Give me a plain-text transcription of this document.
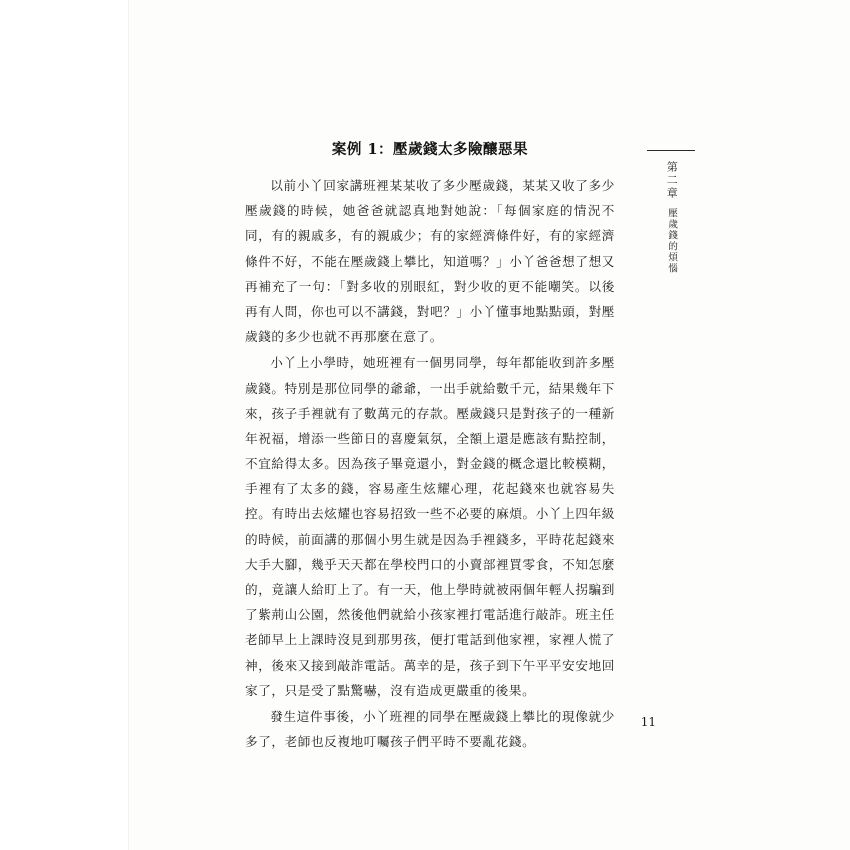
案例 1：壓歲錢太多險釀惡果

以前小丫回家講班裡某某收了多少壓歲錢，某某又收了多少壓歲錢的時候，她爸爸就認真地對她說：「每個家庭的情況不同，有的親戚多，有的親戚少；有的家經濟條件好，有的家經濟條件不好，不能在壓歲錢上攀比，知道嗎？」小丫爸爸想了想又再補充了一句：「對多收的別眼紅，對少收的更不能嘲笑。以後再有人問，你也可以不講錢，對吧？」小丫懂事地點點頭，對壓歲錢的多少也就不再那麼在意了。

小丫上小學時，她班裡有一個男同學，每年都能收到許多壓歲錢。特別是那位同學的爺爺，一出手就給數千元，結果幾年下來，孩子手裡就有了數萬元的存款。壓歲錢只是對孩子的一種新年祝福，增添一些節日的喜慶氣氛，全額上還是應該有點控制，不宜給得太多。因為孩子畢竟還小，對金錢的概念還比較模糊，手裡有了太多的錢，容易產生炫耀心理，花起錢來也就容易失控。有時出去炫耀也容易招致一些不必要的麻煩。小丫上四年級的時候，前面講的那個小男生就是因為手裡錢多，平時花起錢來大手大腳，幾乎天天都在學校門口的小賣部裡買零食，不知怎麼的，竟讓人給盯上了。有一天，他上學時就被兩個年輕人拐騙到了紫荊山公園，然後他們就給小孩家裡打電話進行敲詐。班主任老師早上上課時沒見到那男孩，便打電話到他家裡，家裡人慌了神，後來又接到敲詐電話。萬幸的是，孩子到下午平平安安地回家了，只是受了點驚嚇，沒有造成更嚴重的後果。

發生這件事後，小丫班裡的同學在壓歲錢上攀比的現像就少多了，老師也反複地叮囑孩子們平時不要亂花錢。

第二章 壓歲錢的煩惱
11
